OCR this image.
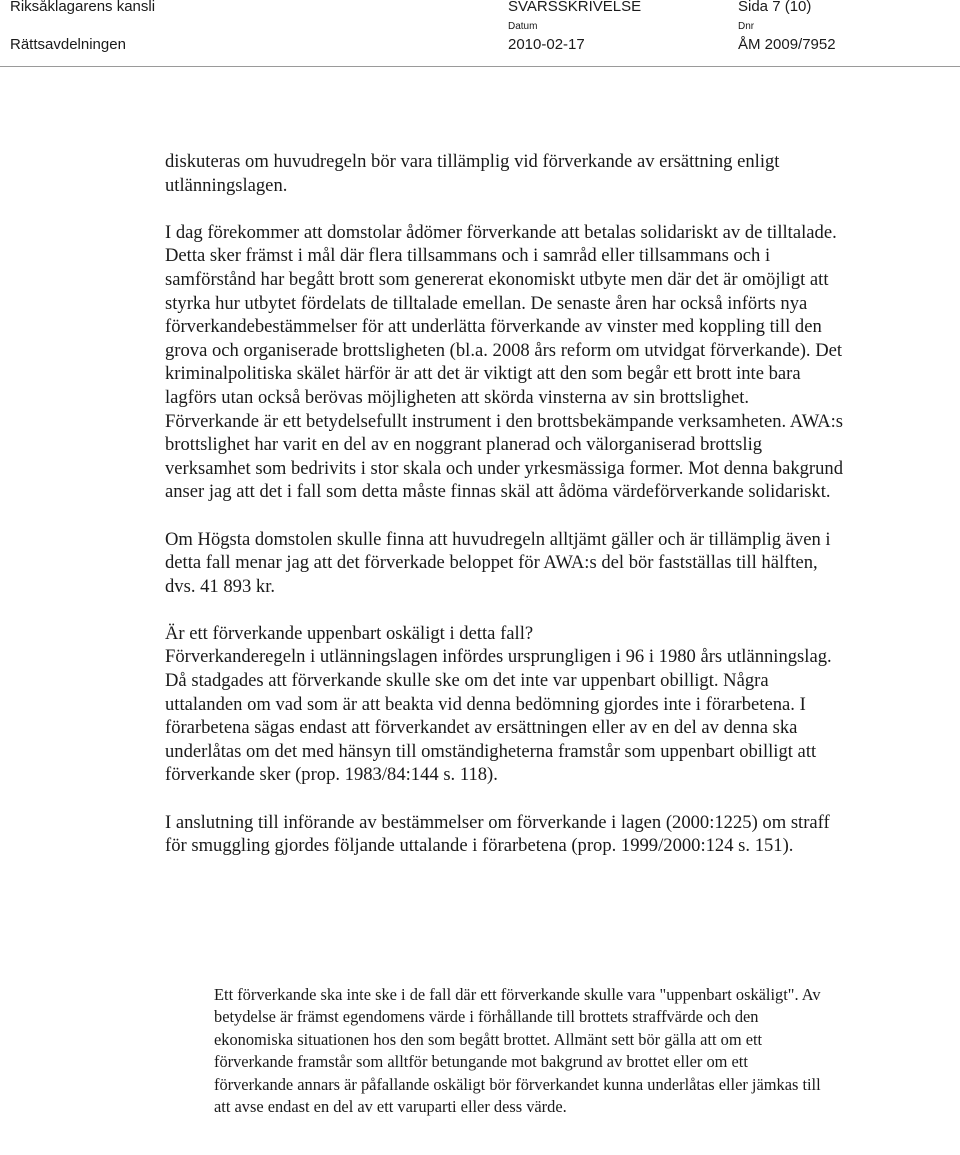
Riksåklagarens kansli
Rättsavdelningen
SVARSSKRIVELSE	Sida 7 (10)
Datum
2010-02-17
Dnr
ÅM 2009/7952

diskuteras om huvudregeln bör vara tillämplig vid förverkande av ersättning enligt utlänningslagen.

I dag förekommer att domstolar ådömer förverkande att betalas solidariskt av de tilltalade. Detta sker främst i mål där flera tillsammans och i samråd eller tillsammans och i samförstånd har begått brott som genererat ekonomiskt utbyte men där det är omöjligt att styrka hur utbytet fördelats de tilltalade emellan. De senaste åren har också införts nya förverkandebestämmelser för att underlätta förverkande av vinster med koppling till den grova och organiserade brottsligheten (bl.a. 2008 års reform om utvidgat förverkande). Det kriminalpolitiska skälet härför är att det är viktigt att den som begår ett brott inte bara lagförs utan också berövas möjligheten att skörda vinsterna av sin brottslighet. Förverkande är ett betydelsefullt instrument i den brottsbekämpande verksamheten. AWA:s brottslighet har varit en del av en noggrant planerad och välorganiserad brottslig verksamhet som bedrivits i stor skala och under yrkesmässiga former. Mot denna bakgrund anser jag att det i fall som detta måste finnas skäl att ådöma värdeförverkande solidariskt.

Om Högsta domstolen skulle finna att huvudregeln alltjämt gäller och är tillämplig även i detta fall menar jag att det förverkade beloppet för AWA:s del bör fastställas till hälften, dvs. 41 893 kr.

Är ett förverkande uppenbart oskäligt i detta fall?

Förverkanderegeln i utlänningslagen infördes ursprungligen i 96 i 1980 års utlänningslag. Då stadgades att förverkande skulle ske om det inte var uppenbart obilligt. Några uttalanden om vad som är att beakta vid denna bedömning gjordes inte i förarbetena. I förarbetena sägas endast att förverkandet av ersättningen eller av en del av denna ska underlåtas om det med hänsyn till omständigheterna framstår som uppenbart obilligt att förverkande sker (prop. 1983/84:144 s. 118).

I anslutning till införande av bestämmelser om förverkande i lagen (2000:1225) om straff för smuggling gjordes följande uttalande i förarbetena (prop. 1999/2000:124 s. 151).

Ett förverkande ska inte ske i de fall där ett förverkande skulle vara "uppenbart oskäligt". Av betydelse är främst egendomens värde i förhållande till brottets straffvärde och den ekonomiska situationen hos den som begått brottet. Allmänt sett bör gälla att om ett förverkande framstår som alltför betungande mot bakgrund av brottet eller om ett förverkande annars är påfallande oskäligt bör förverkandet kunna underlåtas eller jämkas till att avse endast en del av ett varuparti eller dess värde.
